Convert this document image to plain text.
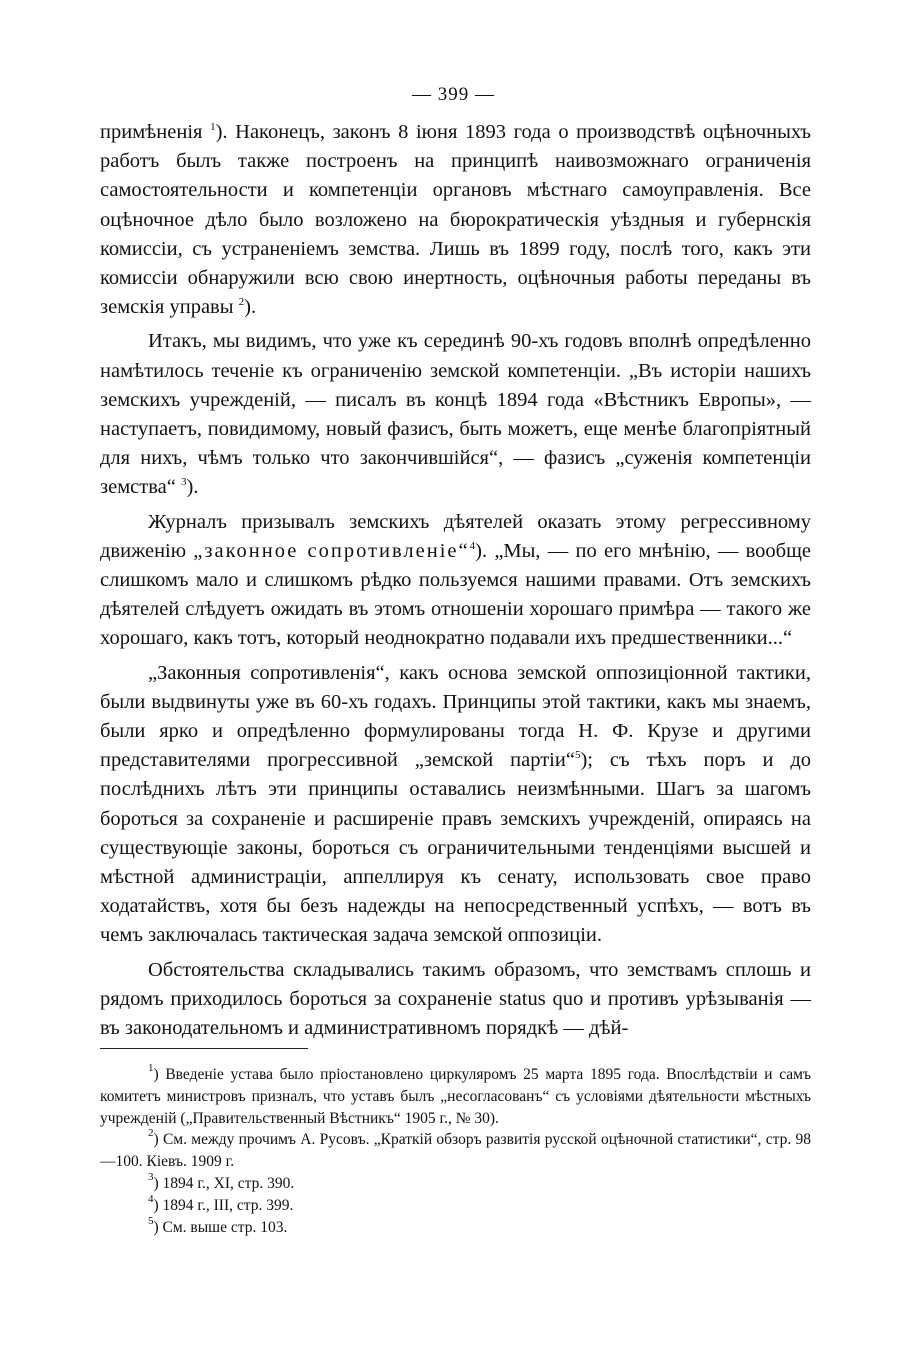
— 399 —

примѣненія $^1$). Наконецъ, законъ 8 іюня 1893 года о производствѣ оцѣночныхъ работъ былъ также построенъ на принципѣ наивозможнаго ограниченія самостоятельности и компетенціи органовъ мѣстнаго самоуправленія. Все оцѣночное дѣло было возложено на бюрократическія уѣздныя и губернскія комиссіи, съ устраненіемъ земства. Лишь въ 1899 году, послѣ того, какъ эти комиссіи обнаружили всю свою инертность, оцѣночныя работы переданы въ земскія управы $^2$).

Итакъ, мы видимъ, что уже къ серединѣ 90-хъ годовъ вполнѣ опредѣленно намѣтилось теченіе къ ограниченію земской компетенціи. „Въ исторіи нашихъ земскихъ учрежденій, — писалъ въ концѣ 1894 года «Вѣстникъ Европы», — наступаетъ, повидимому, новый фазисъ, быть можетъ, еще менѣе благопріятный для нихъ, чѣмъ только что закончившійся“, — фазисъ „суженія компетенціи земства“ $^3$).

Журналъ призывалъ земскихъ дѣятелей оказать этому регрессивному движенію „законное сопротивленіе“$^4$). „Мы, — по его мнѣнію, — вообще слишкомъ мало и слишкомъ рѣдко пользуемся нашими правами. Отъ земскихъ дѣятелей слѣдуетъ ожидать въ этомъ отношеніи хорошаго примѣра — такого же хорошаго, какъ тотъ, который неоднократно подавали ихъ предшественники...“

„Законныя сопротивленія“, какъ основа земской оппозиціонной тактики, были выдвинуты уже въ 60-хъ годахъ. Принципы этой тактики, какъ мы знаемъ, были ярко и опредѣленно формулированы тогда Н. Ф. Крузе и другими представителями прогрессивной „земской партіи“$^5$); съ тѣхъ поръ и до послѣднихъ лѣтъ эти принципы оставались неизмѣнными. Шагъ за шагомъ бороться за сохраненіе и расширеніе правъ земскихъ учрежденій, опираясь на существующіе законы, бороться съ ограничительными тенденціями высшей и мѣстной администраціи, аппеллируя къ сенату, использовать свое право ходатайствъ, хотя бы безъ надежды на непосредственный успѣхъ, — вотъ въ чемъ заключалась тактическая задача земской оппозиціи.

Обстоятельства складывались такимъ образомъ, что земствамъ сплошь и рядомъ приходилось бороться за сохраненіе status quo и противъ урѣзыванія — въ законодательномъ и административномъ порядкѣ — дѣй-

$^1$) Введеніе устава было пріостановлено циркуляромъ 25 марта 1895 года. Впослѣдствіи и самъ комитетъ министровъ призналъ, что уставъ былъ „несогласованъ“ съ условіями дѣятельности мѣстныхъ учрежденій („Правительственный Вѣстникъ“ 1905 г., № 30).

$^2$) См. между прочимъ А. Русовъ. „Краткій обзоръ развитія русской оцѣночной статистики“, стр. 98—100. Кіевъ. 1909 г.

$^3$) 1894 г., XI, стр. 390.

$^4$) 1894 г., III, стр. 399.

$^5$) См. выше стр. 103.
